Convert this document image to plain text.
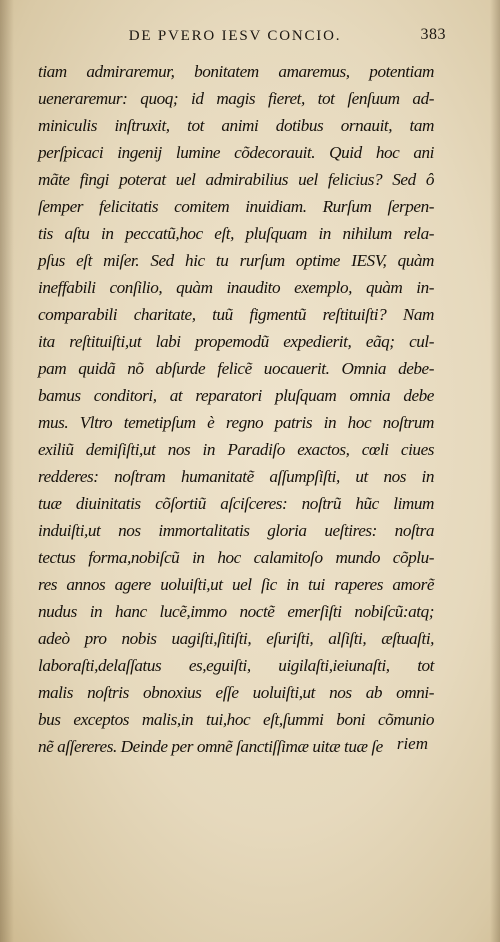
DE PVERO IESV CONCIO.	383
tiam admiraremur, bonitatem amaremus, potentiam
ueneraremur: quoq; id magis fieret, tot ſenſuum ad-
miniculis inſtruxit, tot animi dotibus ornauit, tam
perſpicaci ingenij lumine cõdecorauit. Quid hoc ani
mãte fingi poterat uel admirabilius uel felicius? Sed ô
ſemper felicitatis comitem inuidiam. Rurſum ſerpen-
tis aſtu in peccatũ,hoc eſt, pluſquam in nihilum rela-
pſus eſt miſer. Sed hic tu rurſum optime IESV, quàm
ineffabili conſilio, quàm inaudito exemplo, quàm in-
comparabili charitate, tuũ figmentũ reſtituiſti? Nam
ita reſtituiſti,ut labi propemodũ expedierit, eãq; cul-
pam quidã nõ abſurde felicẽ uocauerit. Omnia debe-
bamus conditori, at reparatori pluſquam omnia debe
mus. Vltro temetipſum è regno patris in hoc noſtrum
exiliũ demiſiſti,ut nos in Paradiſo exactos, cœli ciues
redderes: noſtram humanitatẽ aſſumpſiſti, ut nos in
tuæ diuinitatis cõſortiũ aſciſceres: noſtrũ hũc limum
induiſti,ut nos immortalitatis gloria ueſtires: noſtra
tectus forma,nobiſcũ in hoc calamitoſo mundo cõplu-
res annos agere uoluiſti,ut uel ſic in tui raperes amorẽ
nudus in hanc lucẽ,immo noctẽ emerſiſti nobiſcũ:atq;
adeò pro nobis uagiſti,ſitiſti, eſuriſti, alſiſti, æſtuaſti,
laboraſti,delaſſatus es,eguiſti, uigilaſti,ieiunaſti, tot
malis noſtris obnoxius eſſe uoluiſti,ut nos ab omni-
bus exceptos malis,in tui,hoc eſt,ſummi boni cõmunio
nẽ aſſereres. Deinde per omnẽ ſanctiſſimæ uitæ tuæ ſe riem
